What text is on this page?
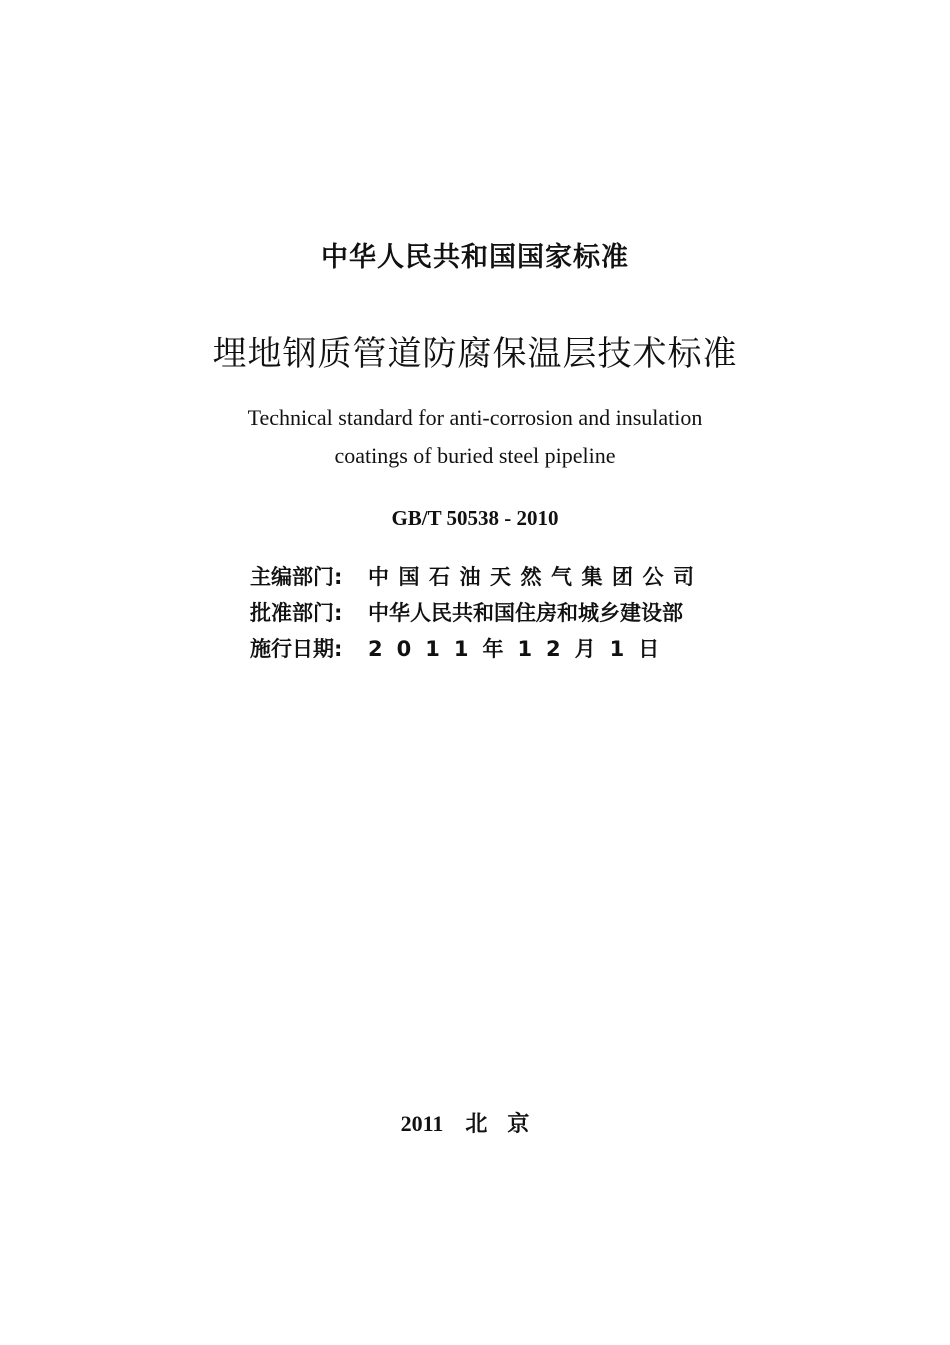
中华人民共和国国家标准
埋地钢质管道防腐保温层技术标准
Technical standard for anti-corrosion and insulation
coatings of buried steel pipeline
GB/T 50538 - 2010
主编部门: 中国石油天然气集团公司
批准部门: 中华人民共和国住房和城乡建设部
施行日期: 2011年12月1日
2011 北京
